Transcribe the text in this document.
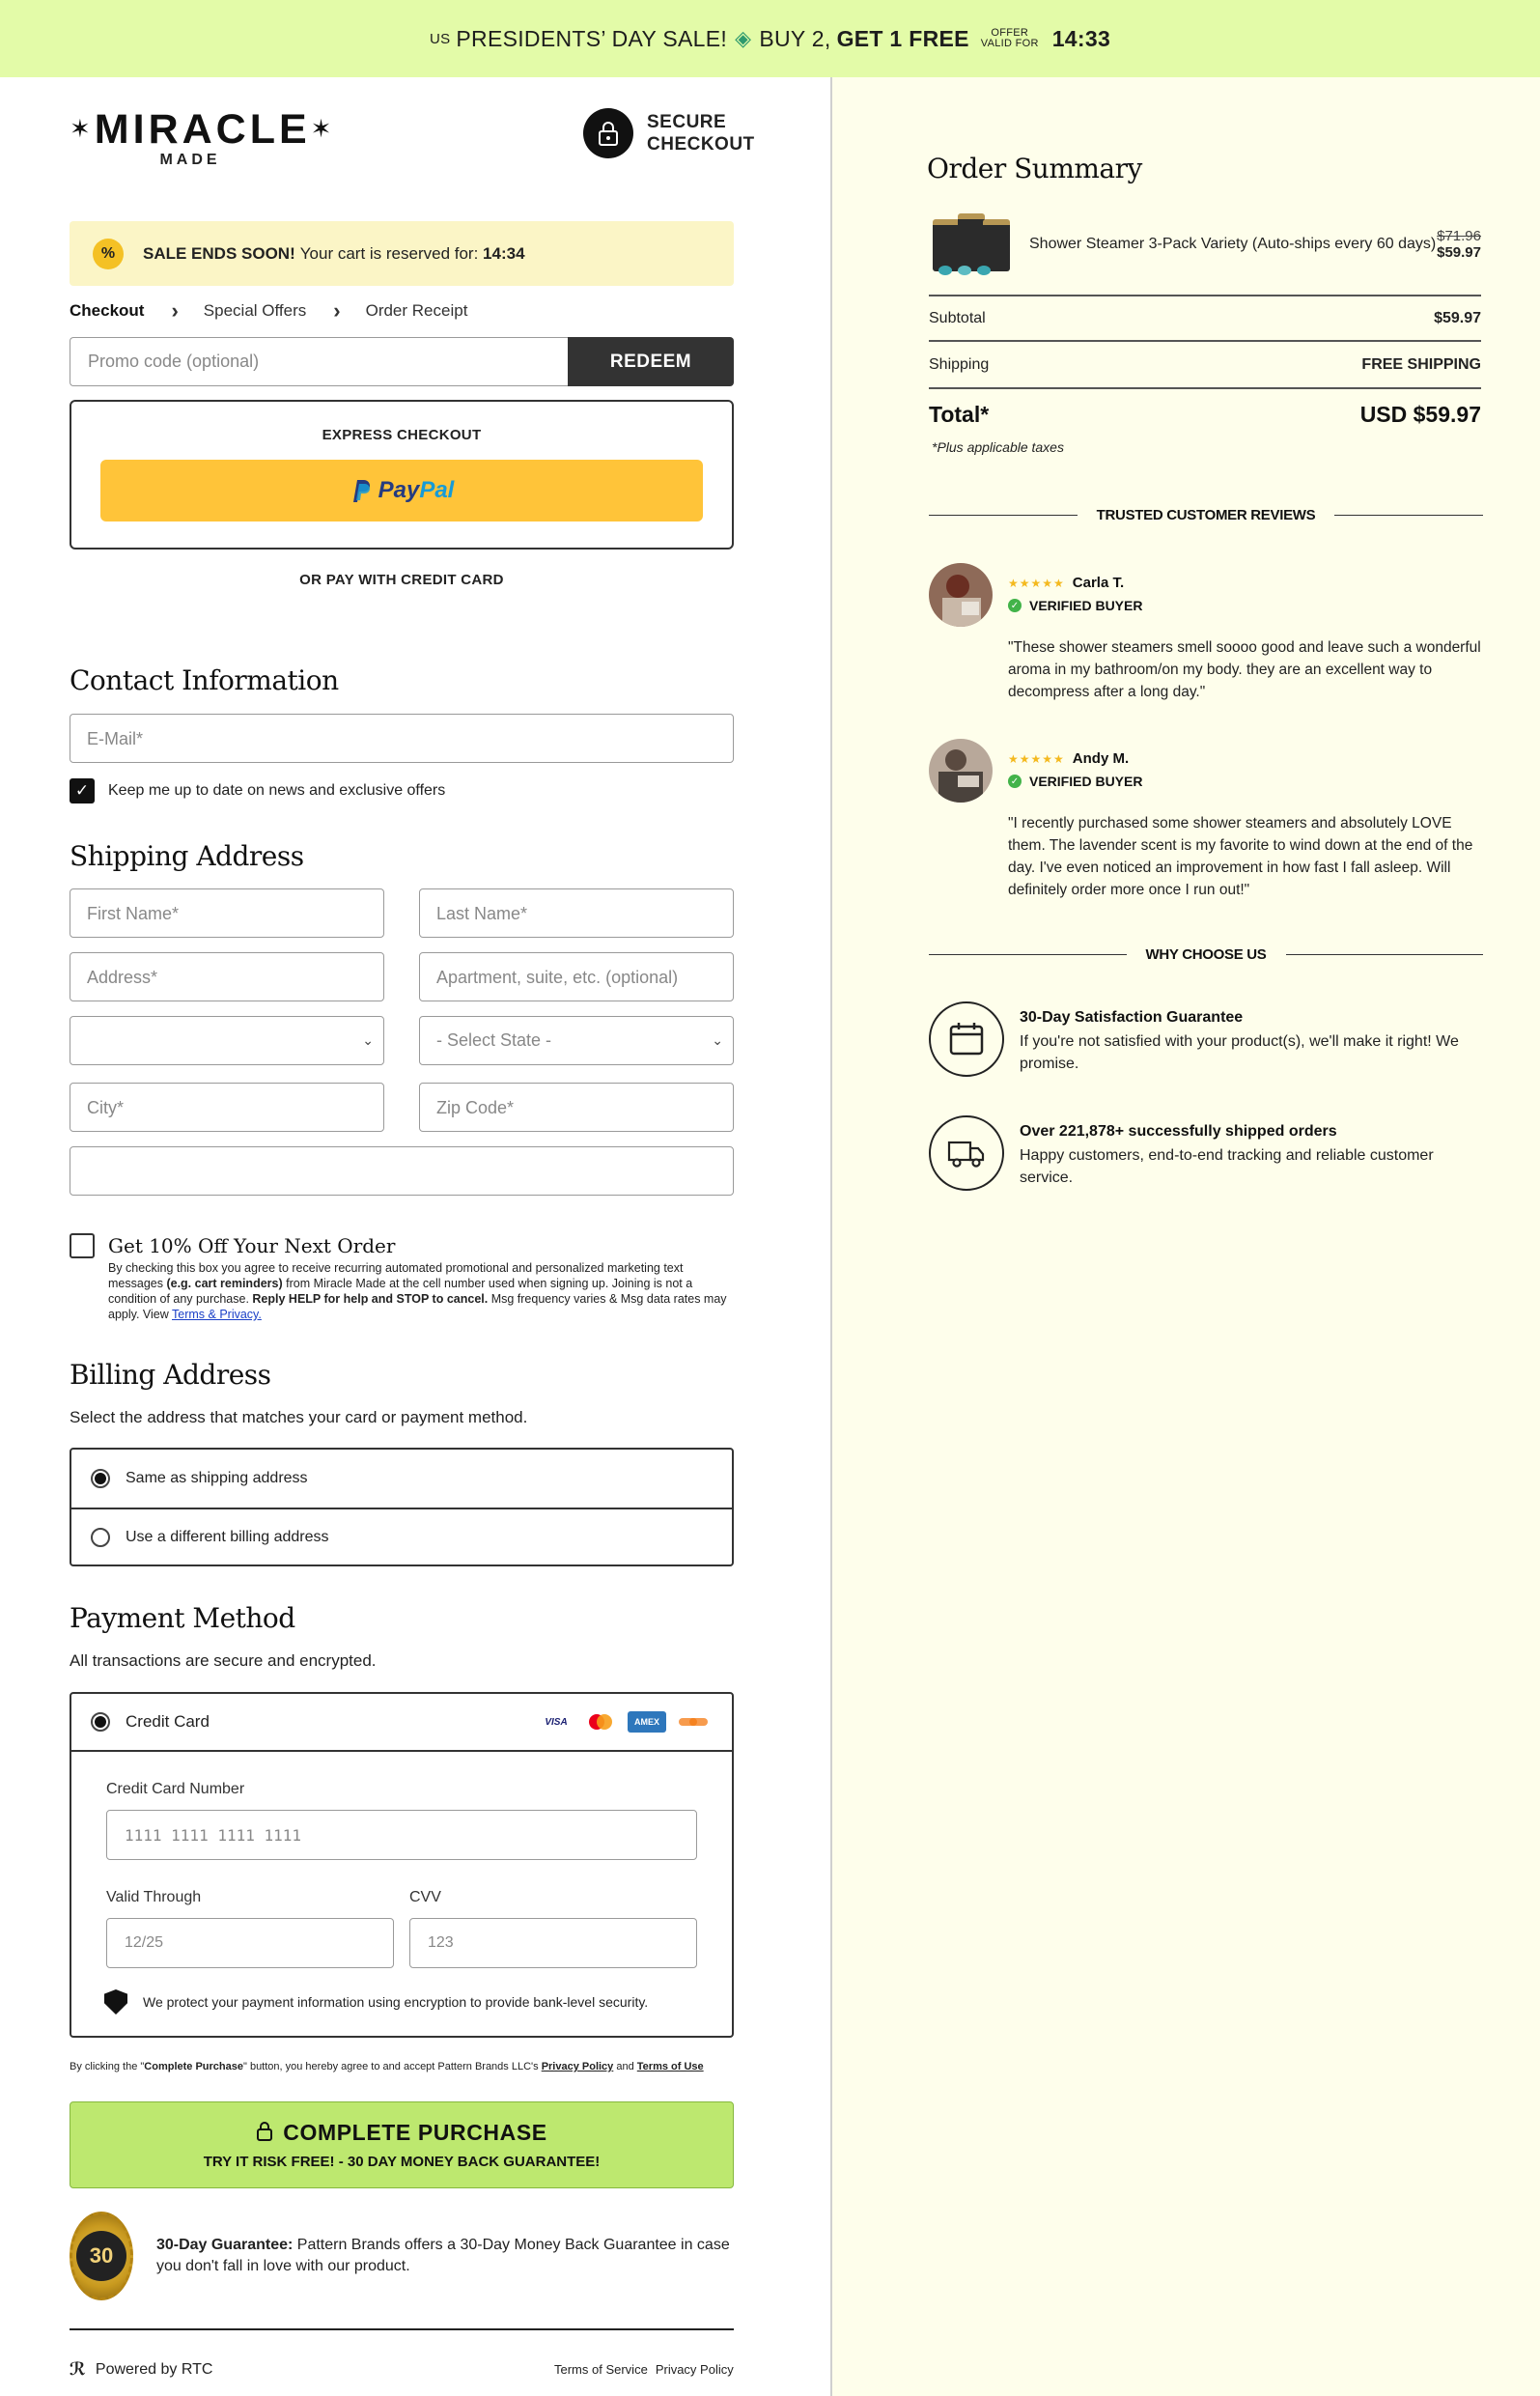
US PRESIDENTS’ DAY SALE! ◈ BUY 2, GET 1 FREE	OFFER
VALID FOR 14:33
✶MIRACLE✶
MADE
SECURE
CHECKOUT
%	SALE ENDS SOON! Your cart is reserved for:
14:34
Checkout › Special Offers › Order Receipt
Promo code (optional)	REDEEM
EXPRESS CHECKOUT
Pay Pal
OR PAY WITH CREDIT CARD
Contact Information
E-Mail*
✓	Keep me up to date on news and exclusive offers
Shipping Address
First Name*	Last Name*
Address*	Apartment, suite, etc. (optional)
⌄	- Select State -	⌄
City*	Zip Code*
Get 10% Off Your Next Order
By checking this box you agree to receive recurring automated promotional and personalized marketing text messages (e.g. cart reminders) from Miracle Made at the cell number used when signing up. Joining is not a condition of any purchase. Reply HELP for help and STOP to cancel. Msg frequency varies & Msg data rates may apply. View Terms & Privacy.
Billing Address
Select the address that matches your card or payment method.
Same as shipping address
Use a different billing address
Payment Method
All transactions are secure and encrypted.
Credit Card	VISA	AMEX
Credit Card Number
1111 1111 1111 1111
Valid Through
12/25
CVV
123
We protect your payment information using encryption to provide bank-level security.
By clicking the "Complete Purchase" button, you hereby agree to and accept Pattern Brands LLC's Privacy Policy and Terms of Use
COMPLETE PURCHASE
TRY IT RISK FREE! - 30 DAY MONEY BACK GUARANTEE!
30	30-Day Guarantee: Pattern Brands offers a 30-Day Money Back Guarantee in case you don't fall in love with our product.
ℛ Powered by RTC	Terms of Service Privacy Policy
Order Summary
Shower Steamer 3-Pack Variety (Auto-ships every 60 days) $71.96
$59.97
Subtotal	$59.97
Shipping	FREE SHIPPING
Total*	USD $59.97
*Plus applicable taxes
TRUSTED CUSTOMER REVIEWS
★★★★★ Carla T.
✓ VERIFIED BUYER
"These shower steamers smell soooo good and leave such a wonderful aroma in my bathroom/on my body. they are an excellent way to decompress after a long day."
★★★★★ Andy M.
✓ VERIFIED BUYER
"I recently purchased some shower steamers and absolutely LOVE them. The lavender scent is my favorite to wind down at the end of the day. I've even noticed an improvement in how fast I fall asleep. Will definitely order more once I run out!"
WHY CHOOSE US
30-Day Satisfaction Guarantee
If you're not satisfied with your product(s), we'll make it right! We promise.
Over 221,878+ successfully shipped orders
Happy customers, end-to-end tracking and reliable customer service.
